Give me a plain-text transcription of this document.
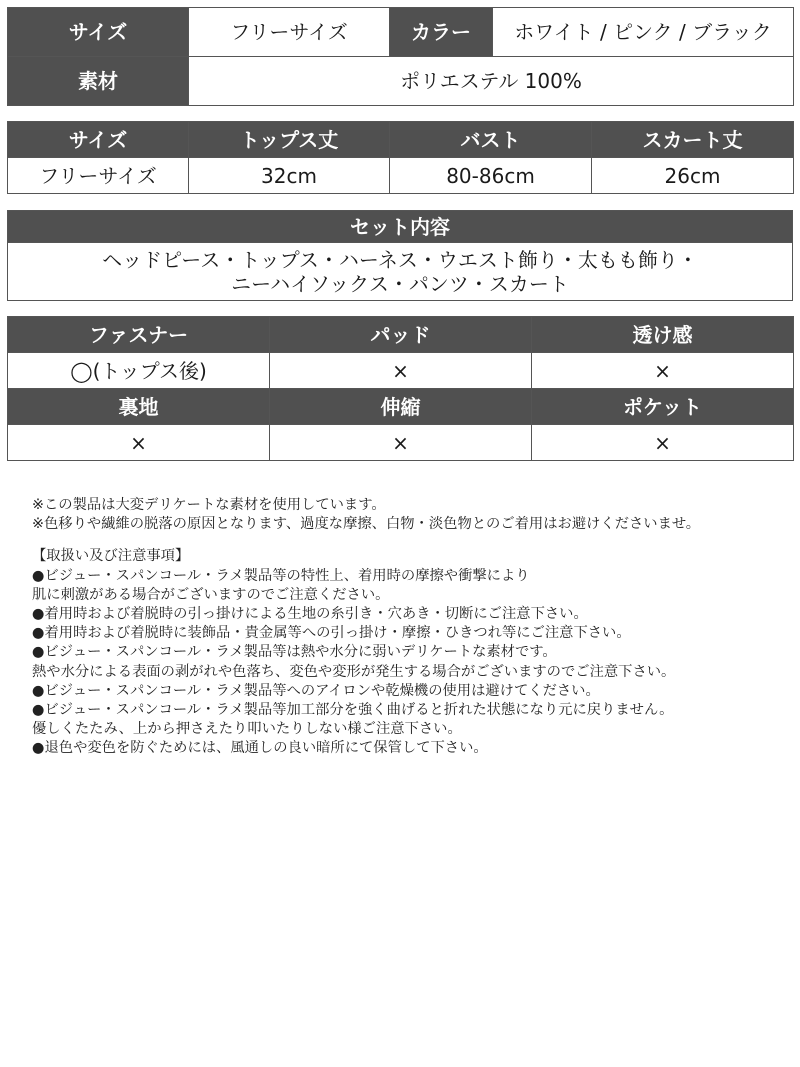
サイズ	フリーサイズ	カラー	ホワイト / ピンク / ブラック
素材	ポリエステル 100%		
サイズ	トップス丈	バスト	スカート丈
フリーサイズ	32cm	80-86cm	26cm
セット内容

ヘッドピース・トップス・ハーネス・ウエスト飾り・太もも飾り・
ニーハイソックス・パンツ・スカート
ファスナー	パッド	透け感
◯(トップス後)	×	×
裏地	伸縮	ポケット
×	×	×
※この製品は大変デリケートな素材を使用しています。
※色移りや繊維の脱落の原因となります、過度な摩擦、白物・淡色物とのご着用はお避けくださいませ。
【取扱い及び注意事項】
●ビジュー・スパンコール・ラメ製品等の特性上、着用時の摩擦や衝撃により
肌に刺激がある場合がございますのでご注意ください。
●着用時および着脱時の引っ掛けによる生地の糸引き・穴あき・切断にご注意下さい。
●着用時および着脱時に装飾品・貴金属等への引っ掛け・摩擦・ひきつれ等にご注意下さい。
●ビジュー・スパンコール・ラメ製品等は熱や水分に弱いデリケートな素材です。
熱や水分による表面の剥がれや色落ち、変色や変形が発生する場合がございますのでご注意下さい。
●ビジュー・スパンコール・ラメ製品等へのアイロンや乾燥機の使用は避けてください。
●ビジュー・スパンコール・ラメ製品等加工部分を強く曲げると折れた状態になり元に戻りません。
優しくたたみ、上から押さえたり叩いたりしない様ご注意下さい。
●退色や変色を防ぐためには、風通しの良い暗所にて保管して下さい。
